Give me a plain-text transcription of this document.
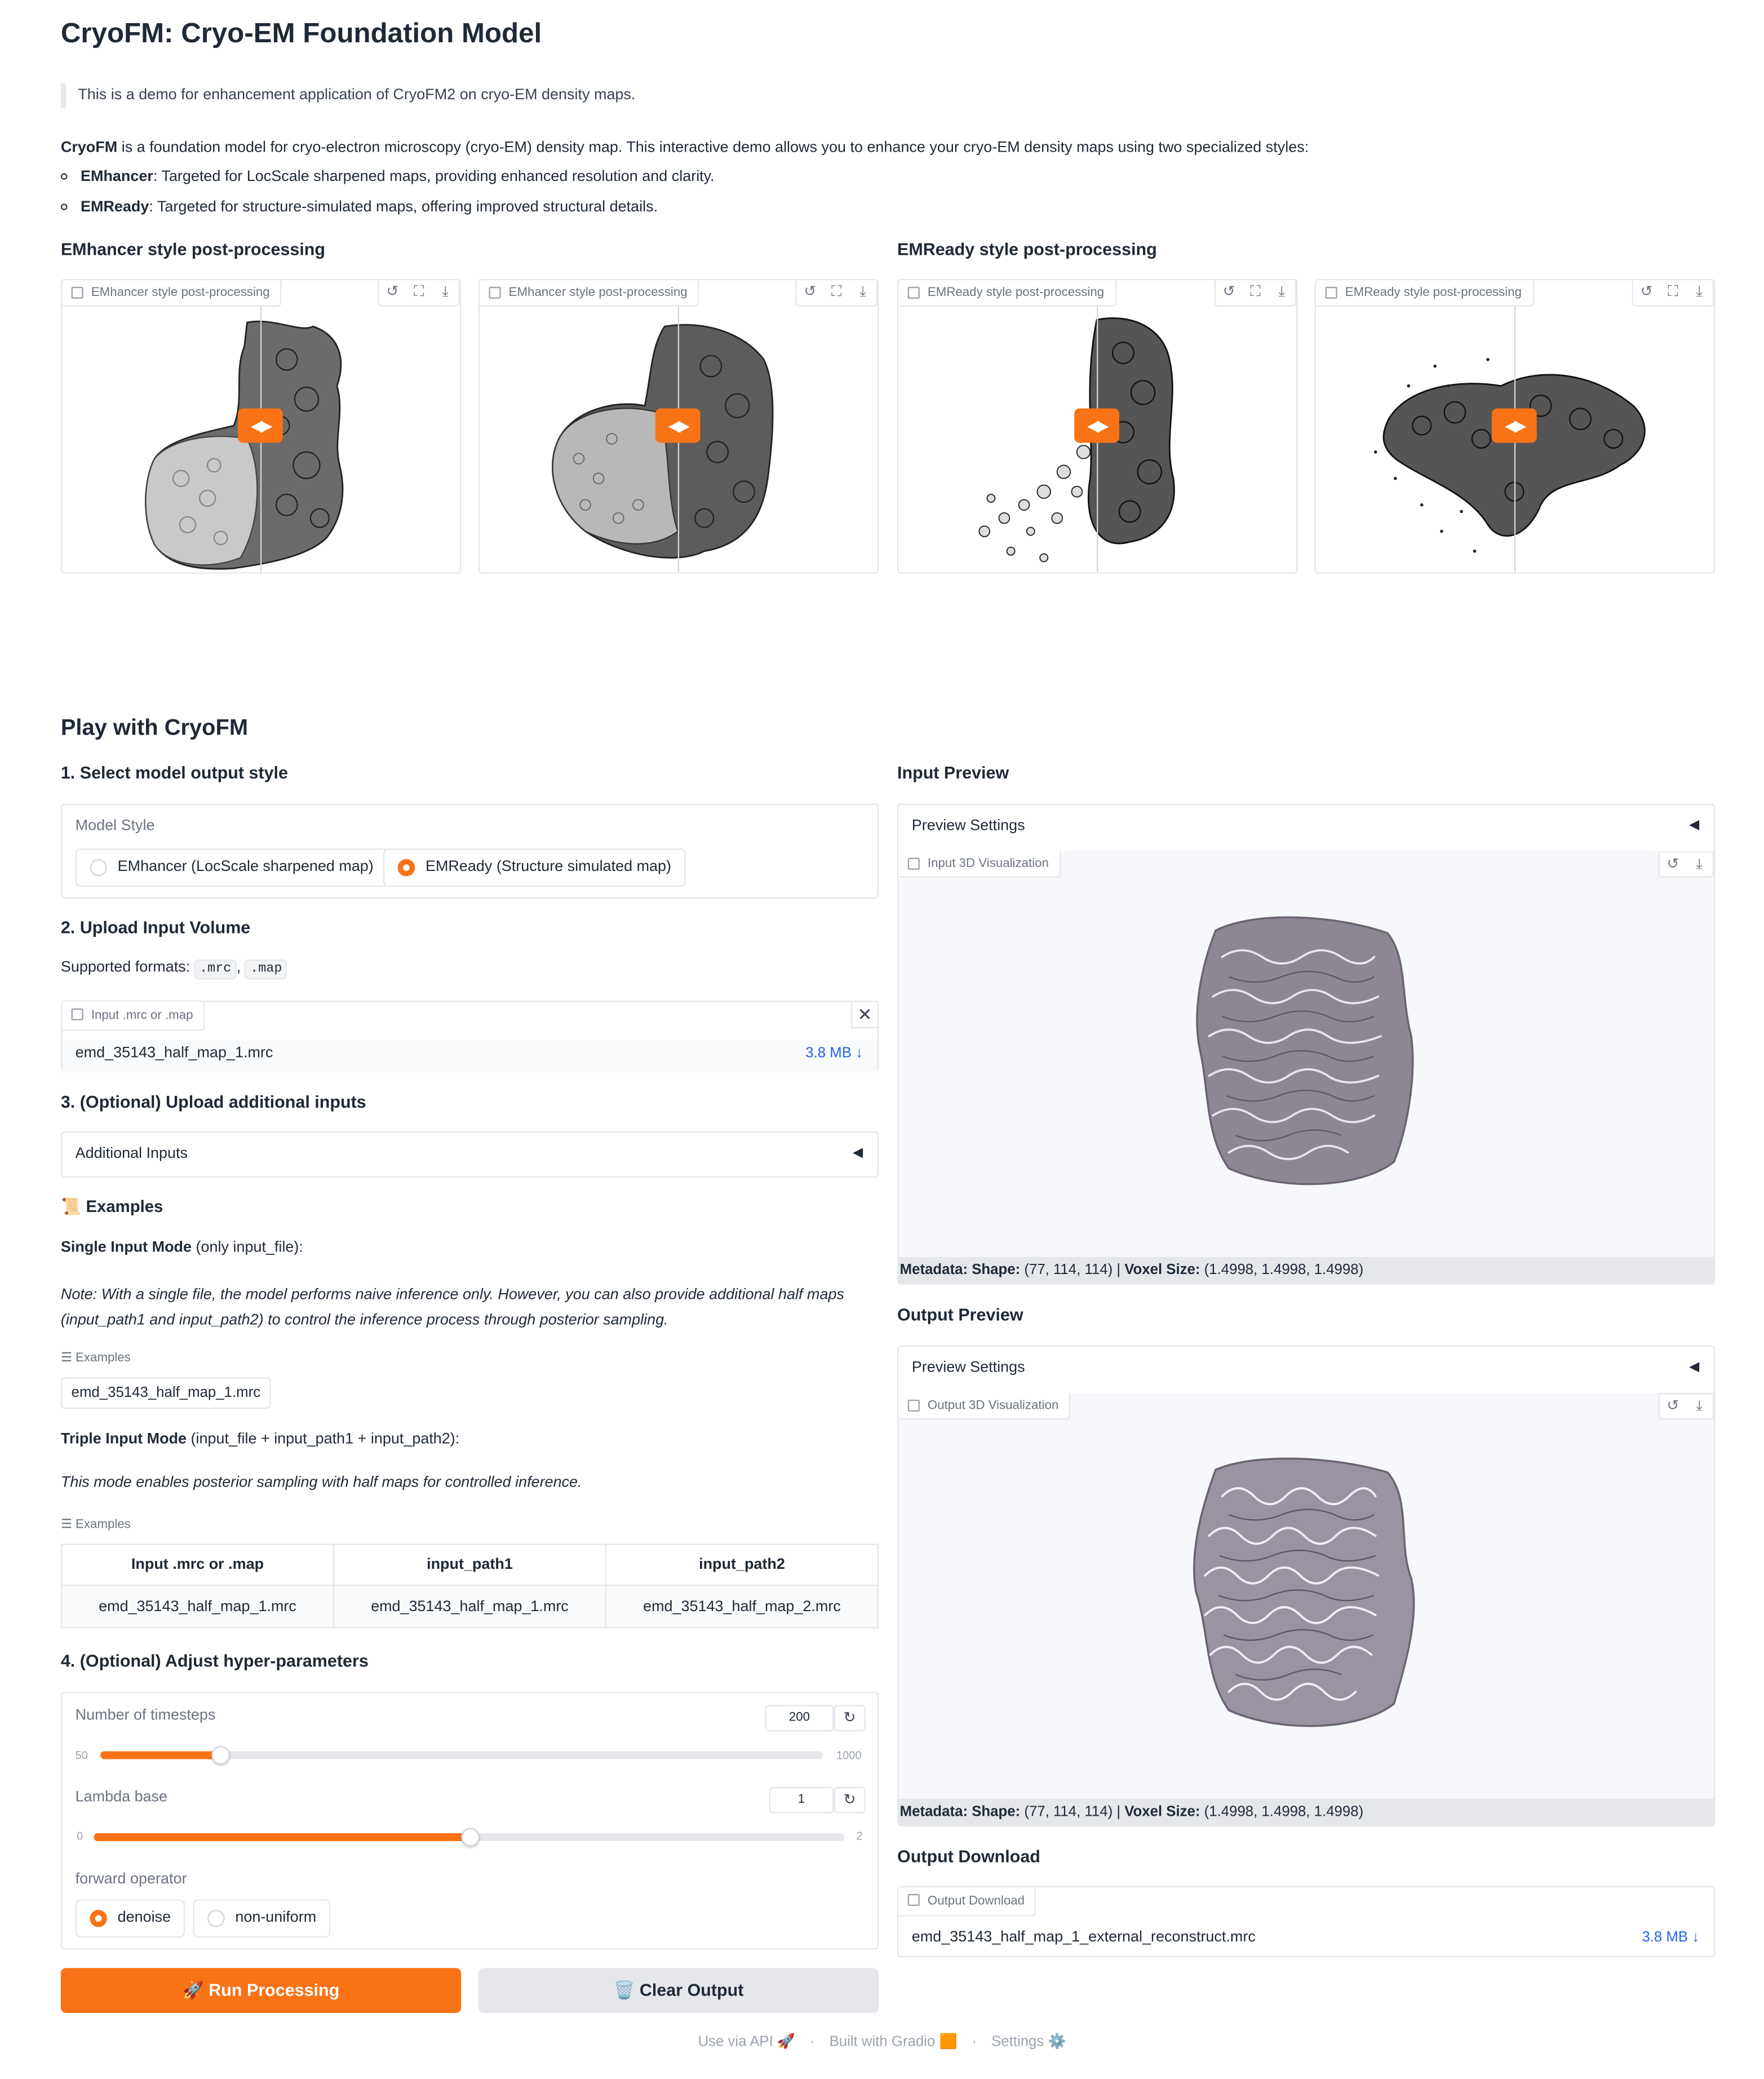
CryoFM: Cryo-EM Foundation Model
This is a demo for enhancement application of CryoFM2 on cryo-EM density maps.
CryoFM is a foundation model for cryo-electron microscopy (cryo-EM) density map. This interactive demo allows you to enhance your cryo-EM density maps using two specialized styles:
EMhancer: Targeted for LocScale sharpened maps, providing enhanced resolution and clarity.
EMReady: Targeted for structure-simulated maps, offering improved structural details.
EMhancer style post-processing	EMReady style post-processing
EMhancer style post-processing	↺	⛶	⤓
◀▶
EMhancer style post-processing	↺	⛶	⤓
◀▶
EMReady style post-processing	↺	⛶	⤓
◀▶
EMReady style post-processing	↺	⛶	⤓
◀▶
Play with CryoFM
1. Select model output style
Model Style
EMhancer (LocScale sharpened map)	EMReady (Structure simulated map)
2. Upload Input Volume
Supported formats: .mrc , .map
Input .mrc or .map	✕
emd_35143_half_map_1.mrc	3.8 MB ↓
3. (Optional) Upload additional inputs
Additional Inputs	◀
📜 Examples
Single Input Mode (only input_file):
Note: With a single file, the model performs naive inference only. However, you can also provide additional half maps (input_path1 and input_path2) to control the inference process through posterior sampling.
☰ Examples
emd_35143_half_map_1.mrc
Triple Input Mode (input_file + input_path1 + input_path2):
This mode enables posterior sampling with half maps for controlled inference.
☰ Examples
Input .mrc or .map	input_path1	input_path2
emd_35143_half_map_1.mrc	emd_35143_half_map_1.mrc	emd_35143_half_map_2.mrc
4. (Optional) Adjust hyper-parameters
Number of timesteps	200	↻
50	1000
Lambda base	1	↻
0	2
forward operator
denoise	non-uniform
🚀 Run Processing	🗑️ Clear Output
Input Preview
Preview Settings	◀
Input 3D Visualization	↺	⤓
Metadata: Shape: (77, 114, 114) | Voxel Size: (1.4998, 1.4998, 1.4998)
Output Preview
Preview Settings	◀
Output 3D Visualization	↺	⤓
Metadata: Shape: (77, 114, 114) | Voxel Size: (1.4998, 1.4998, 1.4998)
Output Download
Output Download
emd_35143_half_map_1_external_reconstruct.mrc	3.8 MB ↓
Use via API 🚀 · Built with Gradio 🟧 · Settings ⚙️
